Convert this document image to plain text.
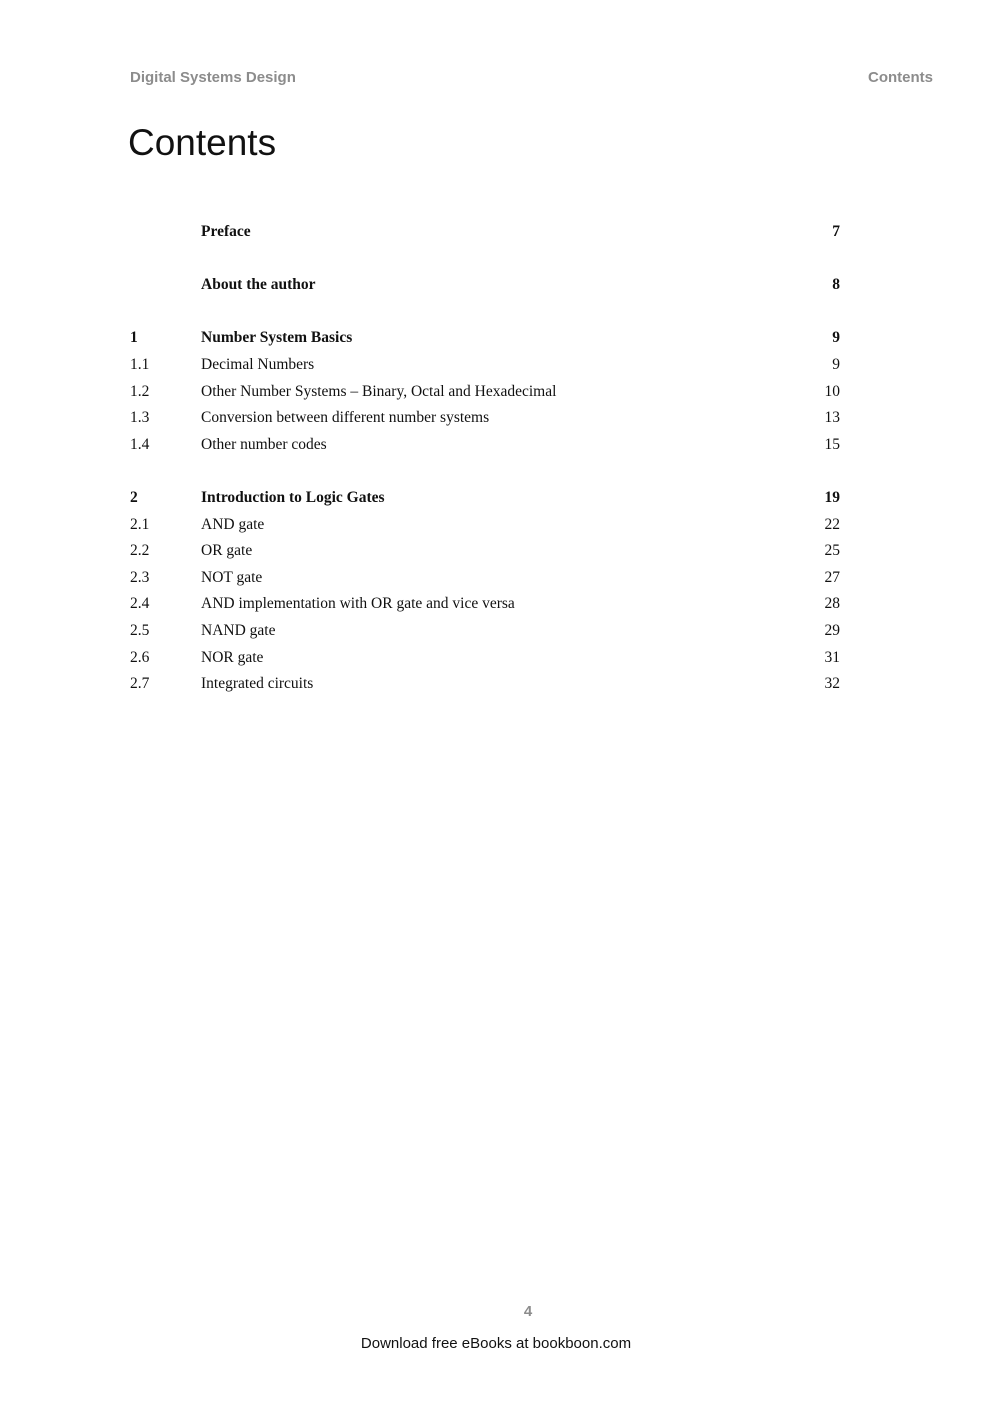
Digital Systems Design	Contents
Contents
Preface	7
About the author	8
1	Number System Basics	9
1.1	Decimal Numbers	9
1.2	Other Number Systems – Binary, Octal and Hexadecimal	10
1.3	Conversion between different number systems	13
1.4	Other number codes	15
2	Introduction to Logic Gates	19
2.1	AND gate	22
2.2	OR gate	25
2.3	NOT gate	27
2.4	AND implementation with OR gate and vice versa	28
2.5	NAND gate	29
2.6	NOR gate	31
2.7	Integrated circuits	32
4
Download free eBooks at bookboon.com
